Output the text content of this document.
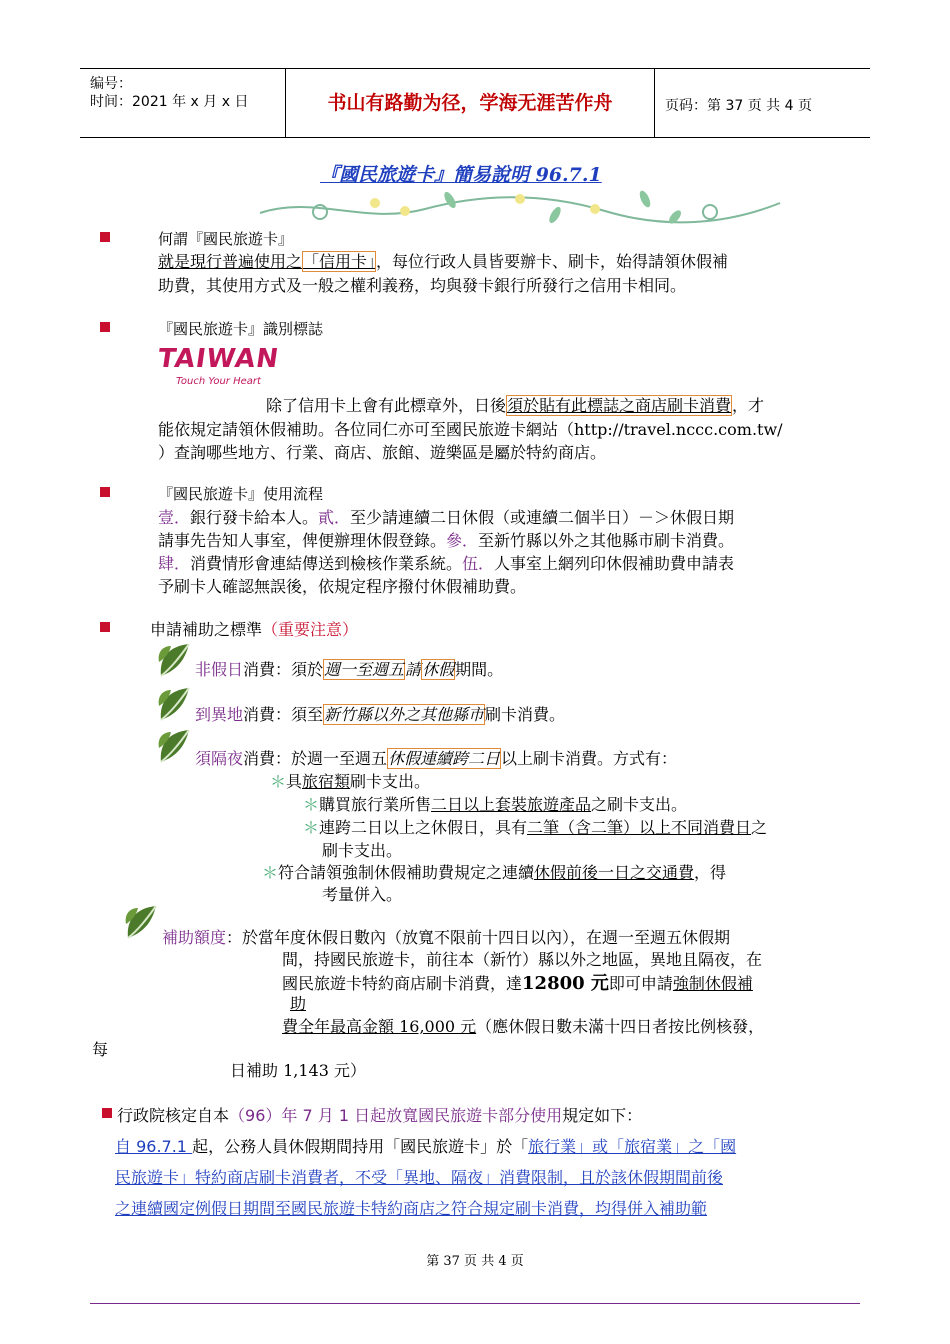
编号：
时间：2021 年 x 月 x 日	书山有路勤为径，学海无涯苦作舟	页码：第 37 页 共 4 页
『國民旅遊卡』簡易說明 96.7.1
何謂『國民旅遊卡』
就是現行普遍使用之「信用卡」，每位行政人員皆要辦卡、刷卡，始得請領休假補
助費，其使用方式及一般之權利義務，均與發卡銀行所發行之信用卡相同。
『國民旅遊卡』識別標誌
TAIWAN
Touch Your Heart
除了信用卡上會有此標章外，日後須於貼有此標誌之商店刷卡消費，才
能依規定請領休假補助。各位同仁亦可至國民旅遊卡網站（http://travel.nccc.com.tw/
）查詢哪些地方、行業、商店、旅館、遊樂區是屬於特約商店。
『國民旅遊卡』使用流程
壹．銀行發卡給本人。貳．至少請連續二日休假（或連續二個半日）－＞休假日期
請事先告知人事室，俾便辦理休假登錄。參．至新竹縣以外之其他縣市刷卡消費。
肆．消費情形會連結傳送到檢核作業系統。伍．人事室上網列印休假補助費申請表
予刷卡人確認無誤後，依規定程序撥付休假補助費。
申請補助之標準（重要注意）
非假日消費：須於週一至週五請休假期間。
到異地消費：須至新竹縣以外之其他縣市刷卡消費。
須隔夜消費：於週一至週五休假連續跨二日以上刷卡消費。方式有：
＊具旅宿類刷卡支出。
＊購買旅行業所售二日以上套裝旅遊產品之刷卡支出。
＊連跨二日以上之休假日，具有二筆（含二筆）以上不同消費日之
刷卡支出。
＊符合請領強制休假補助費規定之連續休假前後一日之交通費，得
考量併入。
補助額度：於當年度休假日數內（放寬不限前十四日以內），在週一至週五休假期
間，持國民旅遊卡，前往本（新竹）縣以外之地區，異地且隔夜，在
國民旅遊卡特約商店刷卡消費，達12800 元即可申請強制休假補
助
費全年最高金額 16,000 元（應休假日數未滿十四日者按比例核發，
每
日補助 1,143 元）
行政院核定自本（96）年 7 月 1 日起放寬國民旅遊卡部分使用規定如下：
自 96.7.1 起，公務人員休假期間持用「國民旅遊卡」於「旅行業」或「旅宿業」之「國
民旅遊卡」特約商店刷卡消費者，不受「異地、隔夜」消費限制，且於該休假期間前後
之連續國定例假日期間至國民旅遊卡特約商店之符合規定刷卡消費，均得併入補助範
第 37 页 共 4 页
